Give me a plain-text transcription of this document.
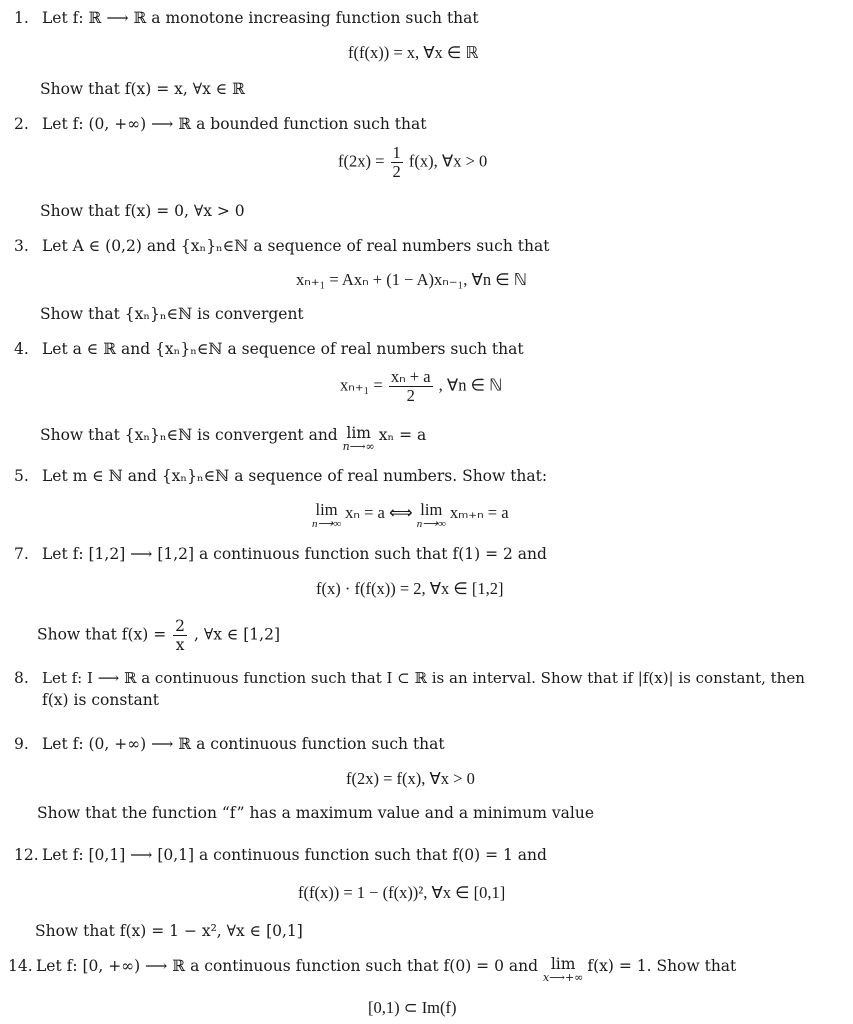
1. Let f: ℝ ⟶ ℝ a monotone increasing function such that
f(f(x)) = x, ∀x ∈ ℝ
Show that f(x) = x, ∀x ∈ ℝ
2. Let f: (0, +∞) ⟶ ℝ a bounded function such that
$f(2x) = \frac{1}{2} f(x)$, ∀x > 0
Show that f(x) = 0, ∀x > 0
3. Let A ∈ (0,2) and {xₙ}ₙ∈ℕ a sequence of real numbers such that
xₙ₊₁ = Axₙ + (1 − A)xₙ₋₁, ∀n ∈ ℕ
Show that {xₙ}ₙ∈ℕ is convergent
4. Let a ∈ ℝ and {xₙ}ₙ∈ℕ a sequence of real numbers such that
$x_{n+1} = \frac{\text{xₙ + a}}{2}$ , ∀n ∈ ℕ
Show that {xₙ}ₙ∈ℕ is convergent and lim
n⟶∞
xₙ = a
5. Let m ∈ ℕ and {xₙ}ₙ∈ℕ a sequence of real numbers. Show that:
lim
n⟶∞
xₙ = a ⟺ lim
n⟶∞
xₘ₊ₙ = a
7. Let f: [1,2] ⟶ [1,2] a continuous function such that f(1) = 2 and
f(x) · f(f(x)) = 2, ∀x ∈ [1,2]
Show that $f(x) = \frac{2}{x}$ , ∀x ∈ [1,2]
8. Let f: I ⟶ ℝ a continuous function such that I ⊂ ℝ is an interval. Show that if |f(x)| is constant, then
f(x) is constant
9. Let f: (0, +∞) ⟶ ℝ a continuous function such that
f(2x) = f(x), ∀x > 0
Show that the function “f” has a maximum value and a minimum value
12. Let f: [0,1] ⟶ [0,1] a continuous function such that f(0) = 1 and
f(f(x)) = 1 − (f(x))², ∀x ∈ [0,1]
Show that f(x) = 1 − x², ∀x ∈ [0,1]
14. Let f: [0, +∞) ⟶ ℝ a continuous function such that f(0) = 0 and lim
x⟶+∞
f(x) = 1. Show that
[0,1) ⊂ Im(f)
